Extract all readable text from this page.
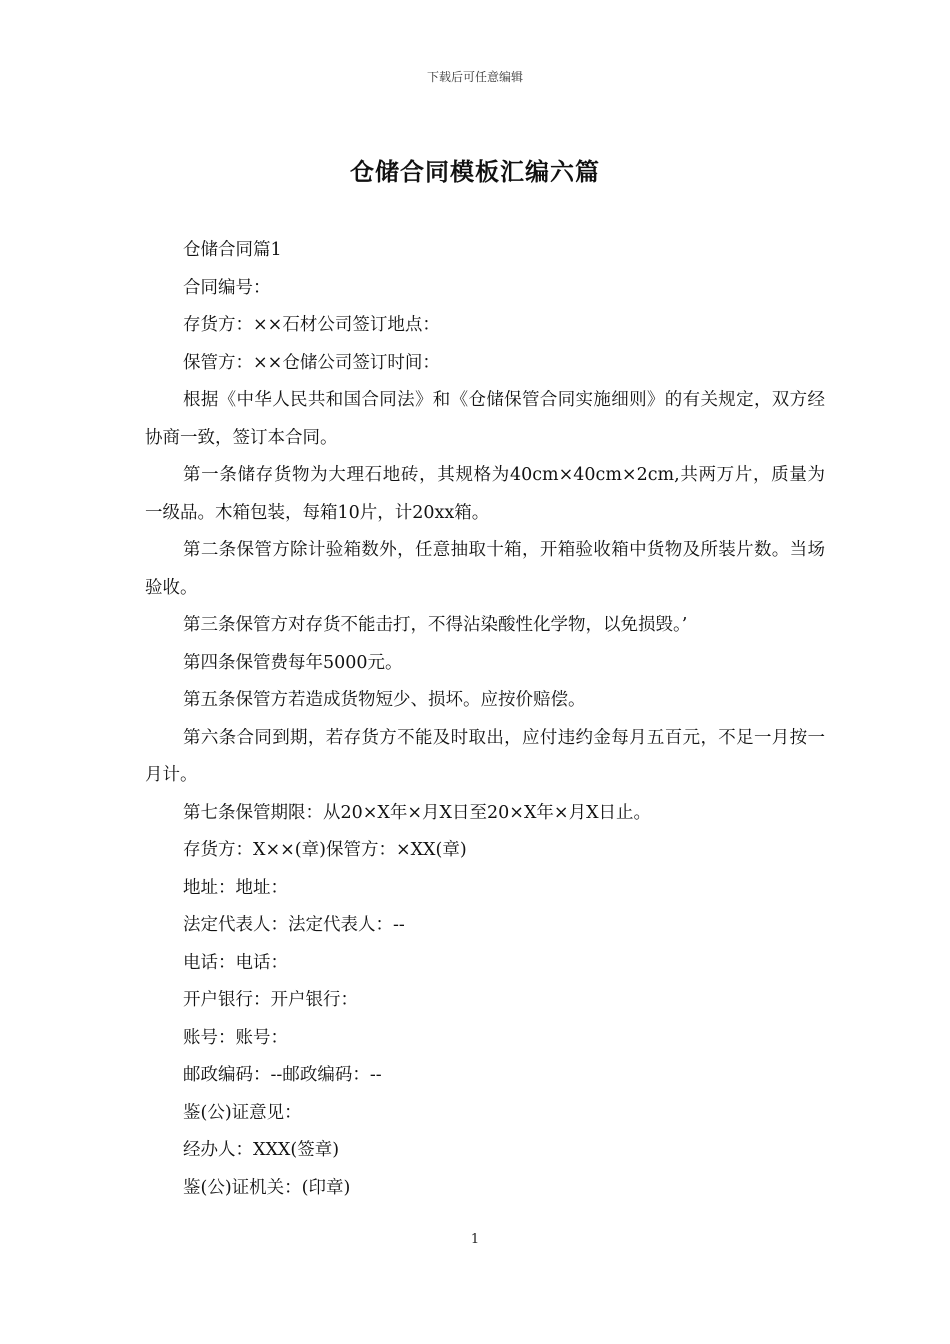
下载后可任意编辑
仓储合同模板汇编六篇

仓储合同篇1

合同编号：

存货方：××石材公司签订地点：

保管方：××仓储公司签订时间：

根据《中华人民共和国合同法》和《仓储保管合同实施细则》的有关规定，双方经协商一致，签订本合同。

第一条储存货物为大理石地砖，其规格为40cm×40cm×2cm,共两万片，质量为一级品。木箱包装，每箱10片，计20xx箱。

第二条保管方除计验箱数外，任意抽取十箱，开箱验收箱中货物及所装片数。当场验收。

第三条保管方对存货不能击打，不得沾染酸性化学物，以免损毁。’

第四条保管费每年5000元。

第五条保管方若造成货物短少、损坏。应按价赔偿。

第六条合同到期，若存货方不能及时取出，应付违约金每月五百元，不足一月按一月计。

第七条保管期限：从20×X年×月X日至20×X年×月X日止。

存货方：X××(章)保管方：×XX(章)

地址：地址：

法定代表人：法定代表人：--

电话：电话：

开户银行：开户银行：

账号：账号：

邮政编码：--邮政编码：--

鉴(公)证意见：

经办人：XXX(签章)

鉴(公)证机关：(印章)

1
